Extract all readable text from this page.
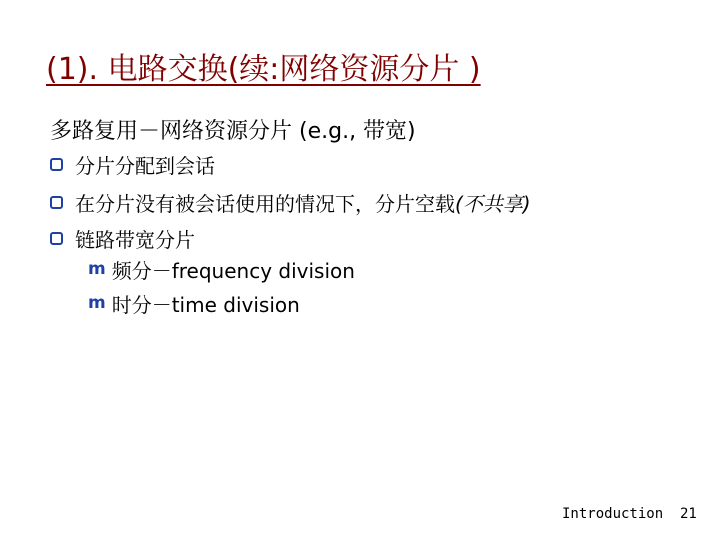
(1). 电路交换(续:网络资源分片 )
多路复用－网络资源分片 (e.g., 带宽)
分片分配到会话
在分片没有被会话使用的情况下，分片空载 (不共享)
链路带宽分片
m 频分－frequency division
m 时分－time division
Introduction 21
